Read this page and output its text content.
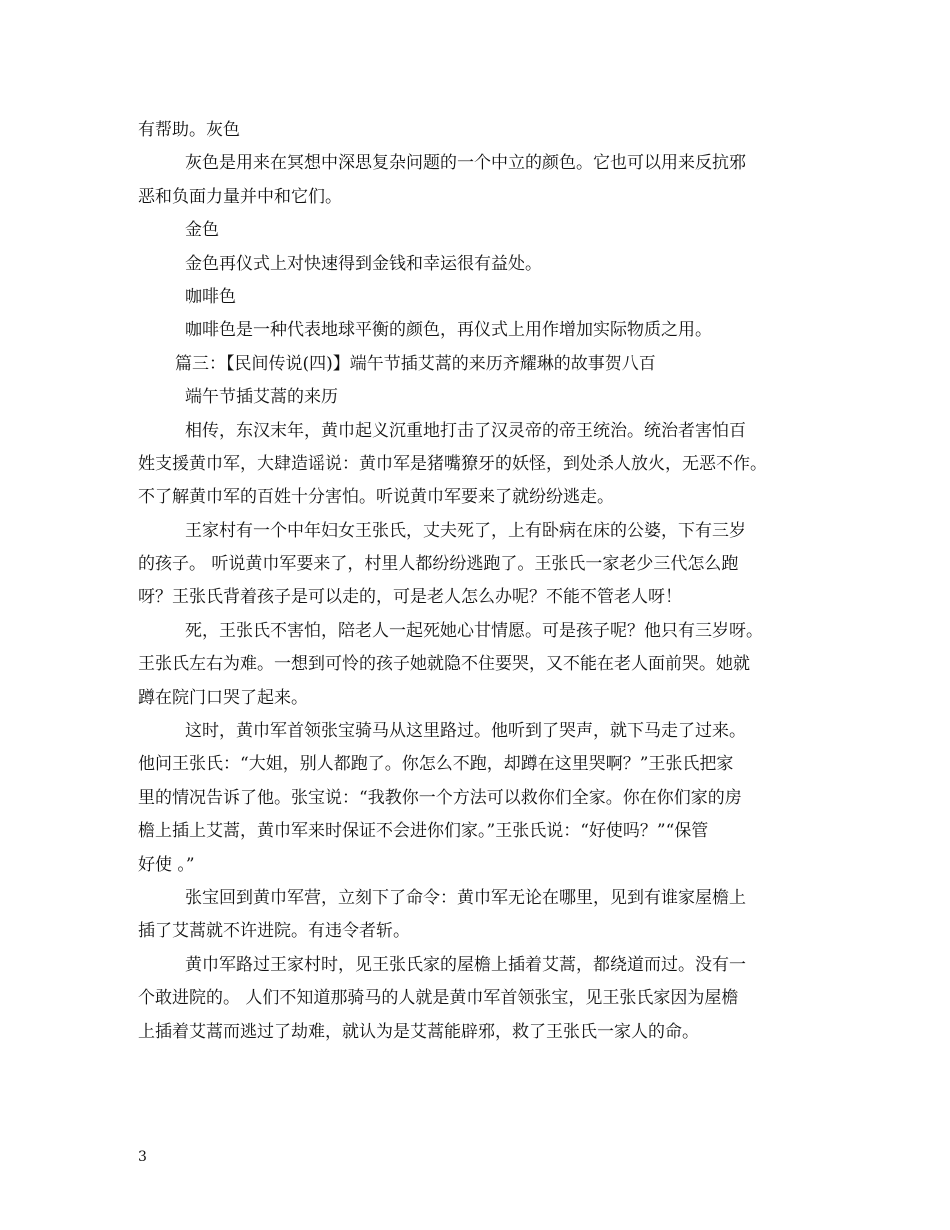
有帮助。灰色
灰色是用来在冥想中深思复杂问题的一个中立的颜色。它也可以用来反抗邪
恶和负面力量并中和它们。
金色
金色再仪式上对快速得到金钱和幸运很有益处。
咖啡色
咖啡色是一种代表地球平衡的颜色，再仪式上用作增加实际物质之用。
篇三：【民间传说(四)】端午节插艾蒿的来历齐耀琳的故事贺八百
端午节插艾蒿的来历
相传，东汉末年，黄巾起义沉重地打击了汉灵帝的帝王统治。统治者害怕百
姓支援黄巾军，大肆造谣说：黄巾军是猪嘴獠牙的妖怪，到处杀人放火，无恶不作。
不了解黄巾军的百姓十分害怕。听说黄巾军要来了就纷纷逃走。
王家村有一个中年妇女王张氏，丈夫死了，上有卧病在床的公婆，下有三岁
的孩子。 听说黄巾军要来了，村里人都纷纷逃跑了。王张氏一家老少三代怎么跑
呀？王张氏背着孩子是可以走的，可是老人怎么办呢？不能不管老人呀！
死，王张氏不害怕，陪老人一起死她心甘情愿。可是孩子呢？他只有三岁呀。
王张氏左右为难。一想到可怜的孩子她就隐不住要哭，又不能在老人面前哭。她就
蹲在院门口哭了起来。
这时，黄巾军首领张宝骑马从这里路过。他听到了哭声，就下马走了过来。
他问王张氏：“大姐，别人都跑了。你怎么不跑，却蹲在这里哭啊？”王张氏把家
里的情况告诉了他。张宝说：“我教你一个方法可以救你们全家。你在你们家的房
檐上插上艾蒿，黄巾军来时保证不会进你们家。”王张氏说：“好使吗？”“保管
好使 。”
张宝回到黄巾军营，立刻下了命令：黄巾军无论在哪里，见到有谁家屋檐上
插了艾蒿就不许进院。有违令者斩。
黄巾军路过王家村时，见王张氏家的屋檐上插着艾蒿，都绕道而过。没有一
个敢进院的。 人们不知道那骑马的人就是黄巾军首领张宝，见王张氏家因为屋檐
上插着艾蒿而逃过了劫难，就认为是艾蒿能辟邪，救了王张氏一家人的命。
3
